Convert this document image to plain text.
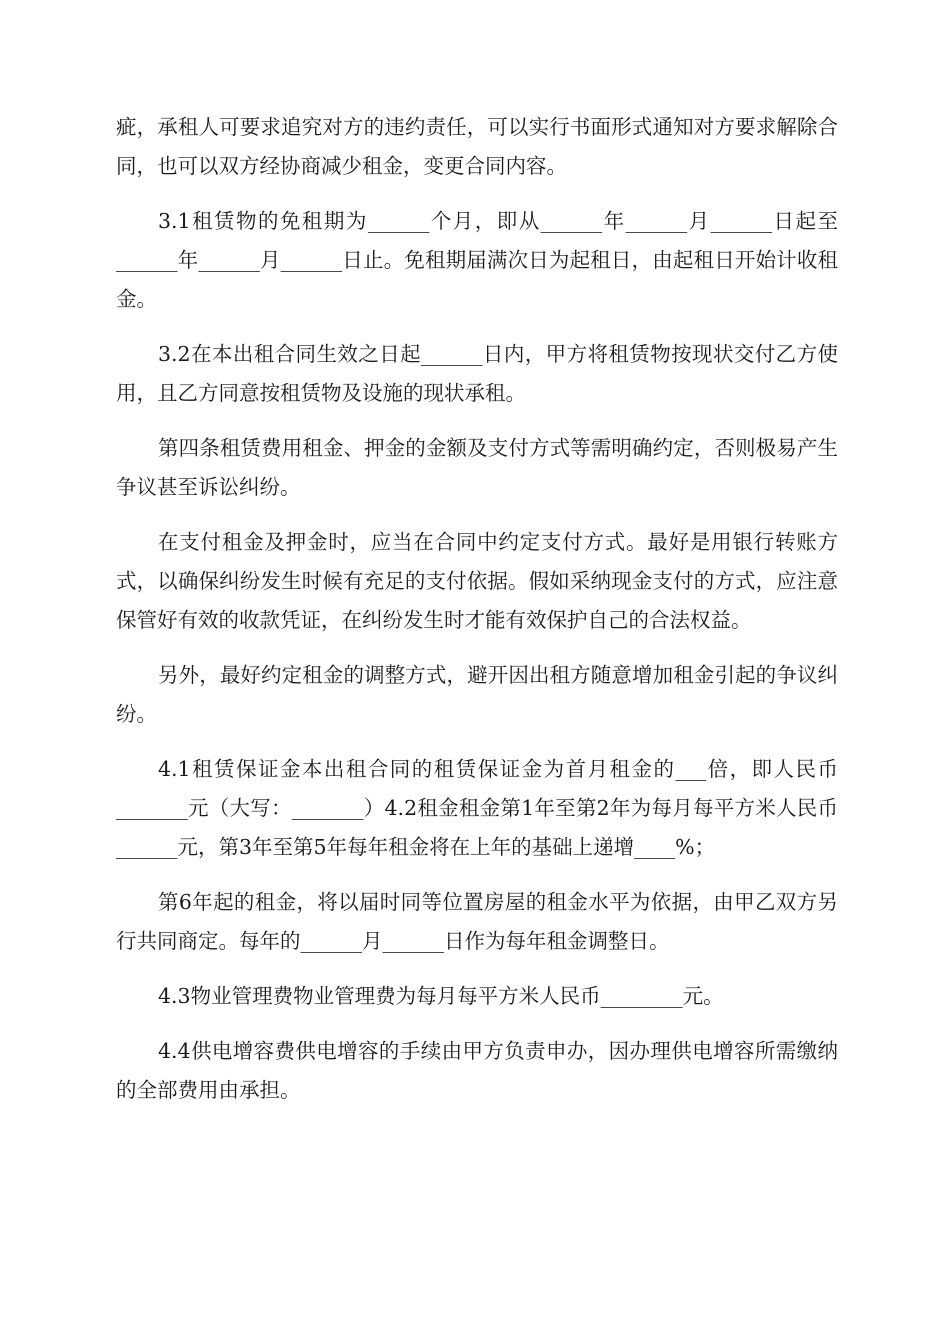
疵，承租人可要求追究对方的违约责任，可以实行书面形式通知对方要求解除合同，也可以双方经协商减少租金，变更合同内容。

3.1租赁物的免租期为______个月，即从______年______月______日起至______年______月______日止。免租期届满次日为起租日，由起租日开始计收租金。

3.2在本出租合同生效之日起______日内，甲方将租赁物按现状交付乙方使用，且乙方同意按租赁物及设施的现状承租。

第四条租赁费用租金、押金的金额及支付方式等需明确约定，否则极易产生争议甚至诉讼纠纷。

在支付租金及押金时，应当在合同中约定支付方式。最好是用银行转账方式，以确保纠纷发生时候有充足的支付依据。假如采纳现金支付的方式，应注意保管好有效的收款凭证，在纠纷发生时才能有效保护自己的合法权益。

另外，最好约定租金的调整方式，避开因出租方随意增加租金引起的争议纠纷。

4.1租赁保证金本出租合同的租赁保证金为首月租金的___倍，即人民币_______元（大写：_______）4.2租金租金第1年至第2年为每月每平方米人民币______元，第3年至第5年每年租金将在上年的基础上递增____%；

第6年起的租金，将以届时同等位置房屋的租金水平为依据，由甲乙双方另行共同商定。每年的______月______日作为每年租金调整日。

4.3物业管理费物业管理费为每月每平方米人民币________元。

4.4供电增容费供电增容的手续由甲方负责申办，因办理供电增容所需缴纳的全部费用由承担。
